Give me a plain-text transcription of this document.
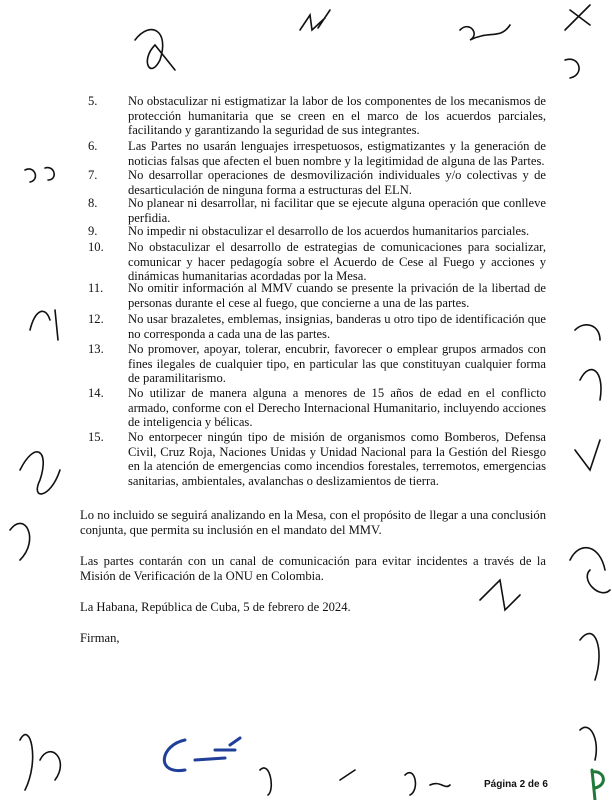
5.	No obstaculizar ni estigmatizar la labor de los componentes de los mecanismos de protección humanitaria que se creen en el marco de los acuerdos parciales, facilitando y garantizando la seguridad de sus integrantes.
6.	Las Partes no usarán lenguajes irrespetuosos, estigmatizantes y la generación de noticias falsas que afecten el buen nombre y la legitimidad de alguna de las Partes.
7.	No desarrollar operaciones de desmovilización individuales y/o colectivas y de desarticulación de ninguna forma a estructuras del ELN.
8.	No planear ni desarrollar, ni facilitar que se ejecute alguna operación que conlleve perfidia.
9.	No impedir ni obstaculizar el desarrollo de los acuerdos humanitarios parciales.
10.	No obstaculizar el desarrollo de estrategias de comunicaciones para socializar, comunicar y hacer pedagogía sobre el Acuerdo de Cese al Fuego y acciones y dinámicas humanitarias acordadas por la Mesa.
11.	No omitir información al MMV cuando se presente la privación de la libertad de personas durante el cese al fuego, que concierne a una de las partes.
12.	No usar brazaletes, emblemas, insignias, banderas u otro tipo de identificación que no corresponda a cada una de las partes.
13.	No promover, apoyar, tolerar, encubrir, favorecer o emplear grupos armados con fines ilegales de cualquier tipo, en particular las que constituyan cualquier forma de paramilitarismo.
14.	No utilizar de manera alguna a menores de 15 años de edad en el conflicto armado, conforme con el Derecho Internacional Humanitario, incluyendo acciones de inteligencia y bélicas.
15.	No entorpecer ningún tipo de misión de organismos como Bomberos, Defensa Civil, Cruz Roja, Naciones Unidas y Unidad Nacional para la Gestión del Riesgo en la atención de emergencias como incendios forestales, terremotos, emergencias sanitarias, ambientales, avalanchas o deslizamientos de tierra.
Lo no incluido se seguirá analizando en la Mesa, con el propósito de llegar a una conclusión conjunta, que permita su inclusión en el mandato del MMV.
Las partes contarán con un canal de comunicación para evitar incidentes a través de la Misión de Verificación de la ONU en Colombia.
La Habana, República de Cuba, 5 de febrero de 2024.
Firman,
Página 2 de 6
